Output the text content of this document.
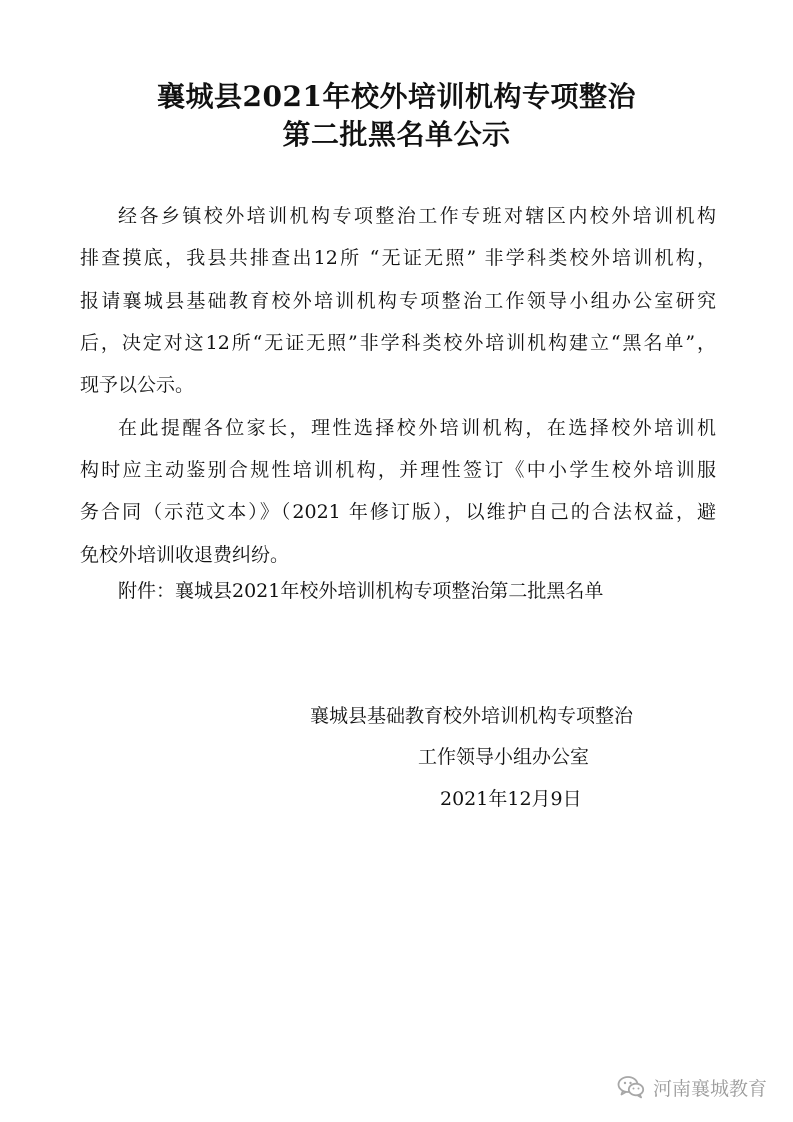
襄城县2021年校外培训机构专项整治
第二批黑名单公示
经各乡镇校外培训机构专项整治工作专班对辖区内校外培训机构
排查摸底，我县共排查出12所 “无证无照” 非学科类校外培训机构，
报请襄城县基础教育校外培训机构专项整治工作领导小组办公室研究
后，决定对这12所“无证无照”非学科类校外培训机构建立“黑名单”，
现予以公示。
在此提醒各位家长，理性选择校外培训机构，在选择校外培训机
构时应主动鉴别合规性培训机构，并理性签订《中小学生校外培训服
务合同（示范文本）》（2021 年修订版），以维护自己的合法权益，避
免校外培训收退费纠纷。
附件：襄城县2021年校外培训机构专项整治第二批黑名单
襄城县基础教育校外培训机构专项整治
工作领导小组办公室
2021年12月9日
河南襄城教育
